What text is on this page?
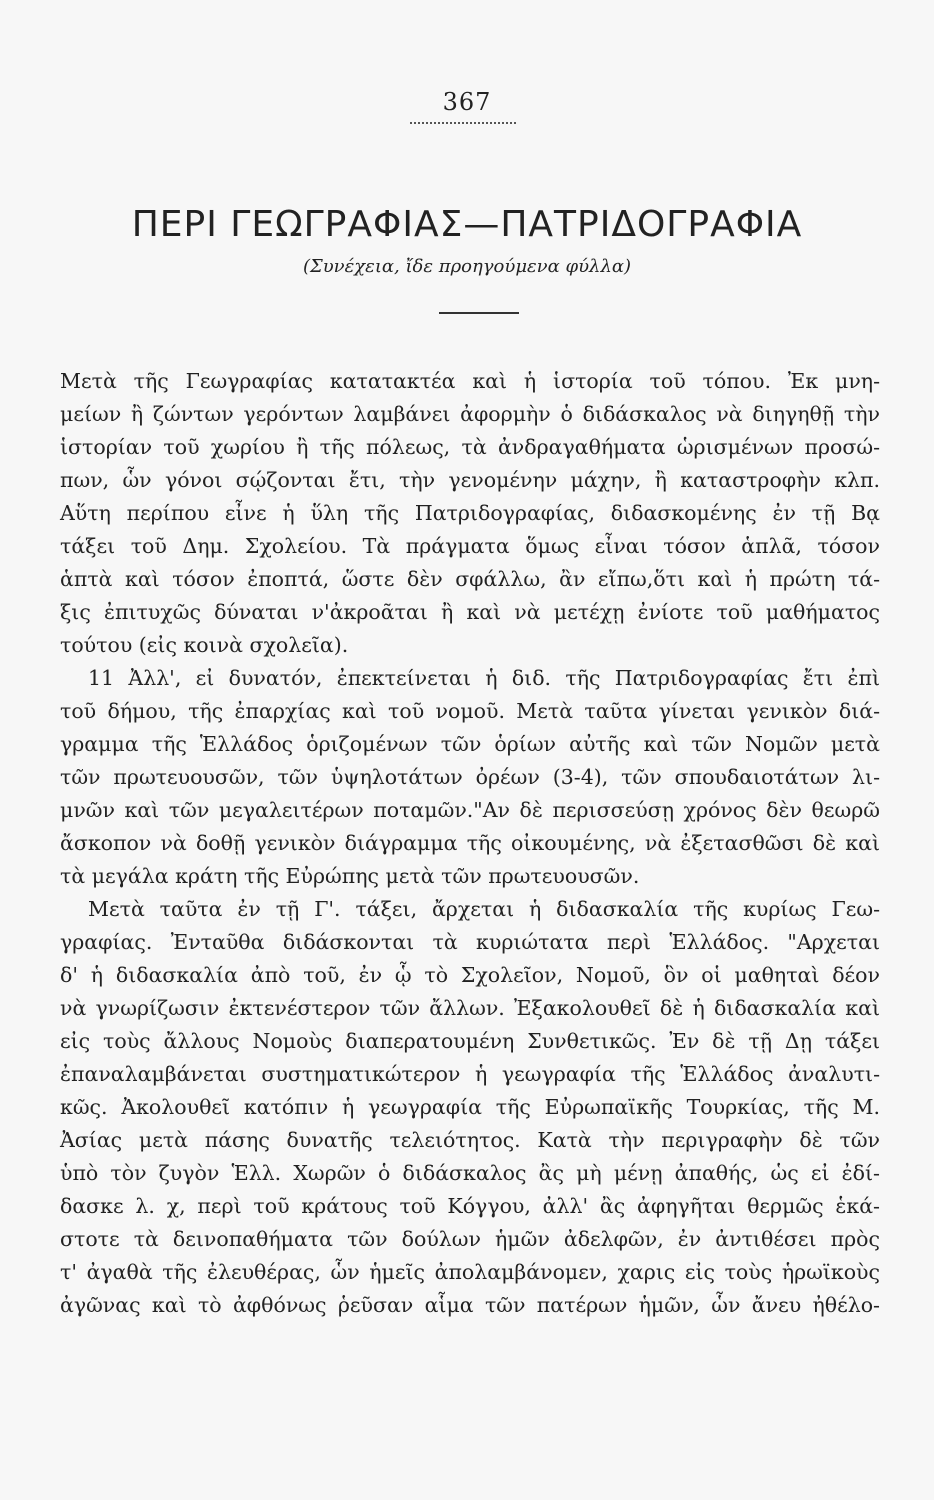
367
ΠΕΡΙ ΓΕΩΓΡΑΦΙΑΣ—ΠΑΤΡΙΔΟΓΡΑΦΙΑ
(Συνέχεια, ἴδε προηγούμενα φύλλα)
Μετὰ τῆς Γεωγραφίας κατατακτέα καὶ ἡ ἱστορία τοῦ τόπου. Ἐκ μνη-
μείων ἢ ζώντων γερόντων λαμβάνει ἀφορμὴν ὁ διδάσκαλος νὰ διηγηθῇ τὴν
ἱστορίαν τοῦ χωρίου ἢ τῆς πόλεως, τὰ ἀνδραγαθήματα ὡρισμένων προσώ-
πων, ὧν γόνοι σῴζονται ἔτι, τὴν γενομένην μάχην, ἢ καταστροφὴν κλπ.
Αὕτη περίπου εἶνε ἡ ὕλη τῆς Πατριδογραφίας, διδασκομένης ἐν τῇ Βᾳ
τάξει τοῦ Δημ. Σχολείου. Τὰ πράγματα ὅμως εἶναι τόσον ἁπλᾶ, τόσον
ἁπτὰ καὶ τόσον ἐποπτά, ὥστε δὲν σφάλλω, ἂν εἴπω,ὅτι καὶ ἡ πρώτη τά-
ξις ἐπιτυχῶς δύναται ν'ἀκροᾶται ἢ καὶ νὰ μετέχῃ ἐνίοτε τοῦ μαθήματος
τούτου (εἰς κοινὰ σχολεῖα).
11 Ἀλλ', εἰ δυνατόν, ἐπεκτείνεται ἡ διδ. τῆς Πατριδογραφίας ἔτι ἐπὶ
τοῦ δήμου, τῆς ἐπαρχίας καὶ τοῦ νομοῦ. Μετὰ ταῦτα γίνεται γενικὸν διά-
γραμμα τῆς Ἑλλάδος ὁριζομένων τῶν ὁρίων αὐτῆς καὶ τῶν Νομῶν μετὰ
τῶν πρωτευουσῶν, τῶν ὑψηλοτάτων ὀρέων (3-4), τῶν σπουδαιοτάτων λι-
μνῶν καὶ τῶν μεγαλειτέρων ποταμῶν."Αν δὲ περισσεύσῃ χρόνος δὲν θεωρῶ
ἄσκοπον νὰ δοθῇ γενικὸν διάγραμμα τῆς οἰκουμένης, νὰ ἐξετασθῶσι δὲ καὶ
τὰ μεγάλα κράτη τῆς Εὐρώπης μετὰ τῶν πρωτευουσῶν.
Μετὰ ταῦτα ἐν τῇ Γ'. τάξει, ἄρχεται ἡ διδασκαλία τῆς κυρίως Γεω-
γραφίας. Ἐνταῦθα διδάσκονται τὰ κυριώτατα περὶ Ἑλλάδος. "Αρχεται
δ' ἡ διδασκαλία ἀπὸ τοῦ, ἐν ᾧ τὸ Σχολεῖον, Νομοῦ, ὃν οἱ μαθηταὶ δέον
νὰ γνωρίζωσιν ἐκτενέστερον τῶν ἄλλων. Ἐξακολουθεῖ δὲ ἡ διδασκαλία καὶ
εἰς τοὺς ἄλλους Νομοὺς διαπερατουμένη Συνθετικῶς. Ἐν δὲ τῇ Δῃ τάξει
ἐπαναλαμβάνεται συστηματικώτερον ἡ γεωγραφία τῆς Ἑλλάδος ἀναλυτι-
κῶς. Ἀκολουθεῖ κατόπιν ἡ γεωγραφία τῆς Εὐρωπαϊκῆς Τουρκίας, τῆς Μ.
Ἀσίας μετὰ πάσης δυνατῆς τελειότητος. Κατὰ τὴν περιγραφὴν δὲ τῶν
ὑπὸ τὸν ζυγὸν Ἑλλ. Χωρῶν ὁ διδάσκαλος ἂς μὴ μένῃ ἀπαθής, ὡς εἰ ἐδί-
δασκε λ. χ, περὶ τοῦ κράτους τοῦ Κόγγου, ἀλλ' ἂς ἀφηγῆται θερμῶς ἑκά-
στοτε τὰ δεινοπαθήματα τῶν δούλων ἡμῶν ἀδελφῶν, ἐν ἀντιθέσει πρὸς
τ' ἀγαθὰ τῆς ἐλευθέρας, ὧν ἡμεῖς ἀπολαμβάνομεν, χαρις εἰς τοὺς ἡρωϊκοὺς
ἀγῶνας καὶ τὸ ἀφθόνως ῥεῦσαν αἷμα τῶν πατέρων ἡμῶν, ὧν ἄνευ ἠθέλο-
